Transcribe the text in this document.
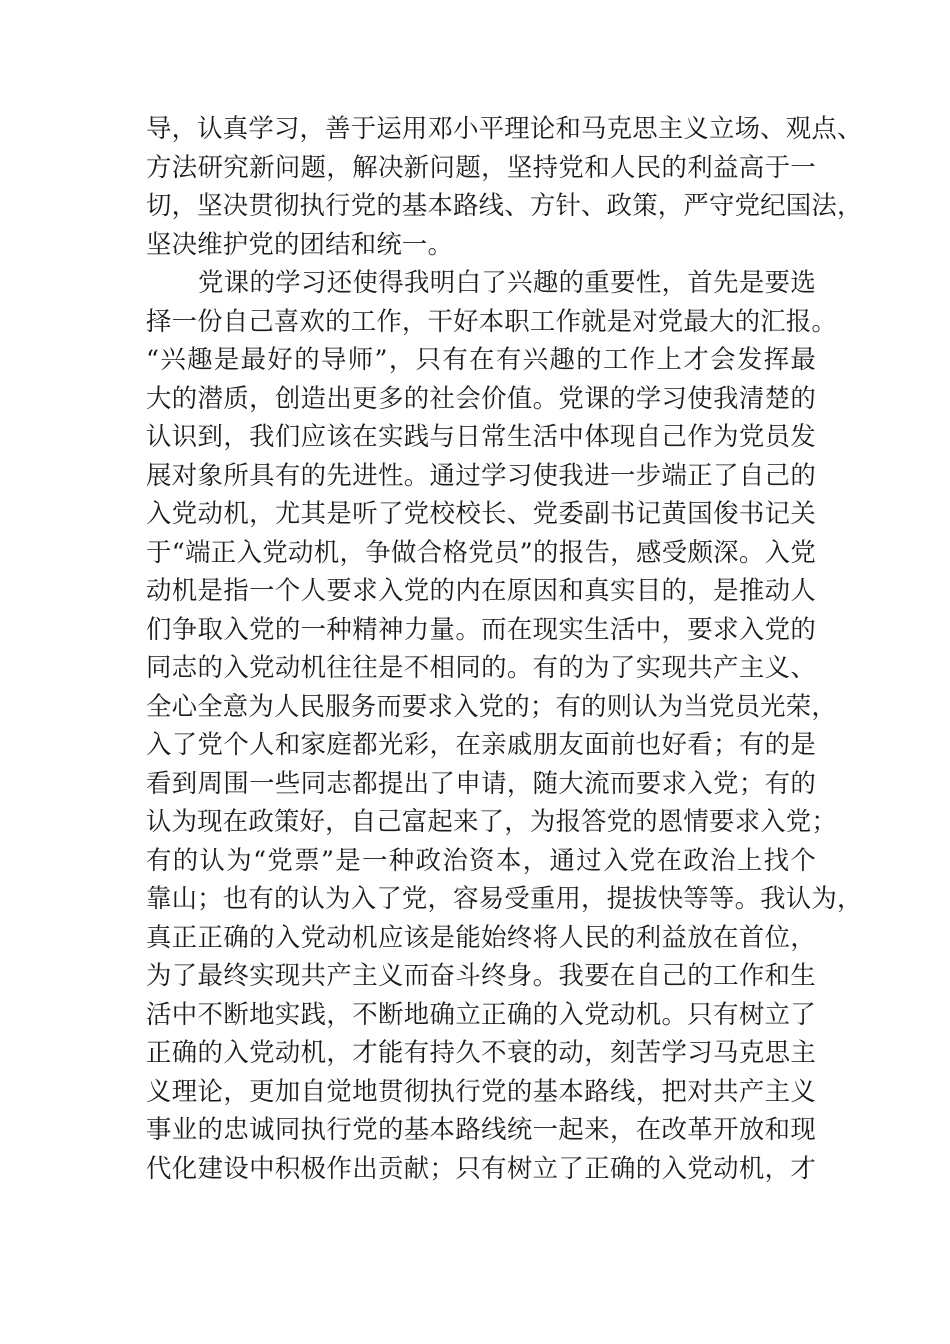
导，认真学习，善于运用邓小平理论和马克思主义立场、观点、
方法研究新问题，解决新问题，坚持党和人民的利益高于一
切，坚决贯彻执行党的基本路线、方针、政策，严守党纪国法，
坚决维护党的团结和统一。
党课的学习还使得我明白了兴趣的重要性，首先是要选
择一份自己喜欢的工作，干好本职工作就是对党最大的汇报。
“兴趣是最好的导师”，只有在有兴趣的工作上才会发挥最
大的潜质，创造出更多的社会价值。党课的学习使我清楚的
认识到，我们应该在实践与日常生活中体现自己作为党员发
展对象所具有的先进性。通过学习使我进一步端正了自己的
入党动机，尤其是听了党校校长、党委副书记黄国俊书记关
于“端正入党动机，争做合格党员”的报告，感受颇深。入党
动机是指一个人要求入党的内在原因和真实目的，是推动人
们争取入党的一种精神力量。而在现实生活中，要求入党的
同志的入党动机往往是不相同的。有的为了实现共产主义、
全心全意为人民服务而要求入党的；有的则认为当党员光荣，
入了党个人和家庭都光彩，在亲戚朋友面前也好看；有的是
看到周围一些同志都提出了申请，随大流而要求入党；有的
认为现在政策好，自己富起来了，为报答党的恩情要求入党；
有的认为“党票”是一种政治资本，通过入党在政治上找个
靠山；也有的认为入了党，容易受重用，提拔快等等。我认为，
真正正确的入党动机应该是能始终将人民的利益放在首位，
为了最终实现共产主义而奋斗终身。我要在自己的工作和生
活中不断地实践，不断地确立正确的入党动机。只有树立了
正确的入党动机，才能有持久不衰的动，刻苦学习马克思主
义理论，更加自觉地贯彻执行党的基本路线，把对共产主义
事业的忠诚同执行党的基本路线统一起来，在改革开放和现
代化建设中积极作出贡献；只有树立了正确的入党动机，才
